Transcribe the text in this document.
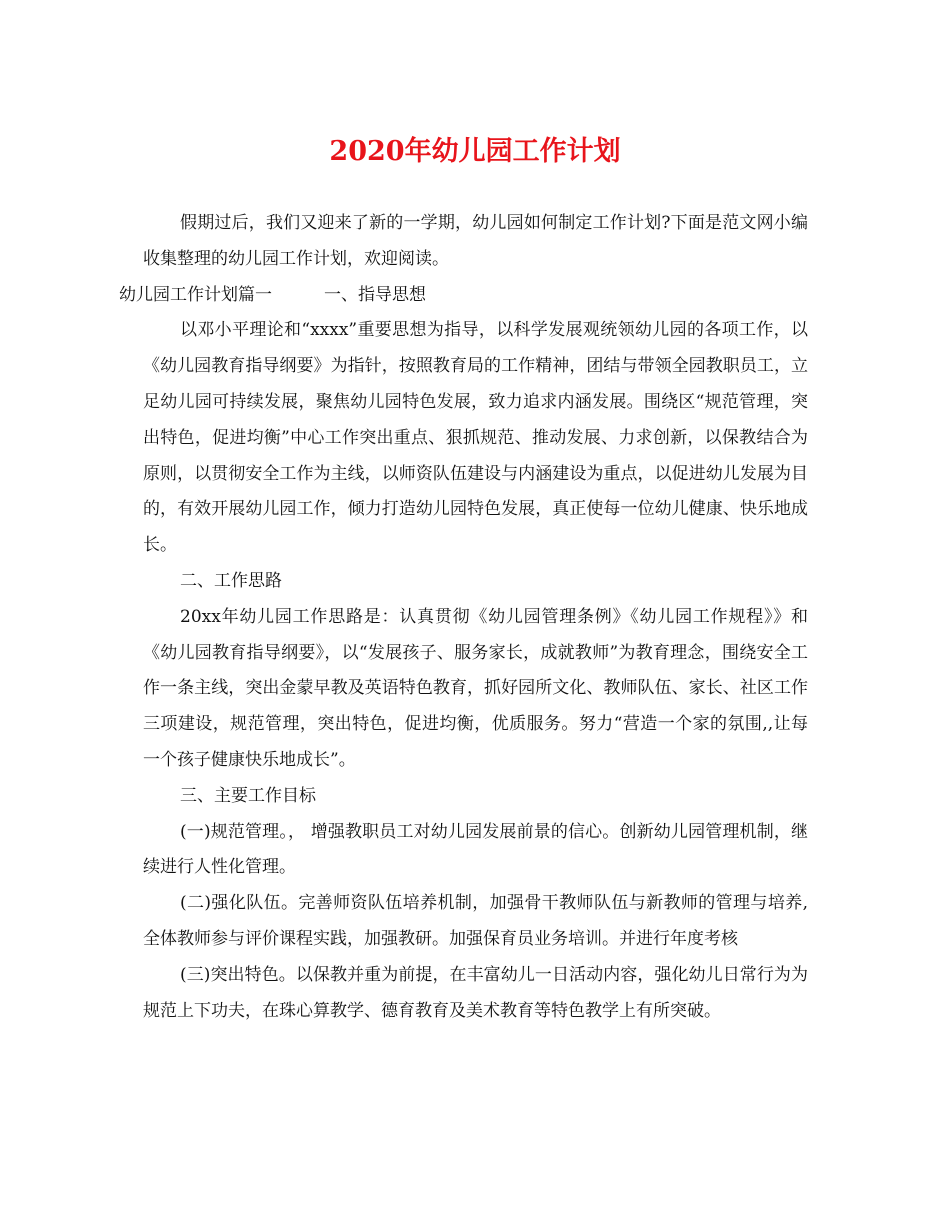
2020年幼儿园工作计划

假期过后，我们又迎来了新的一学期，幼儿园如何制定工作计划?下面是范文网小编收集整理的幼儿园工作计划，欢迎阅读。

幼儿园工作计划篇一	一、指导思想

以邓小平理论和“xxxx”重要思想为指导，以科学发展观统领幼儿园的各项工作，以《幼儿园教育指导纲要》为指针，按照教育局的工作精神，团结与带领全园教职员工，立足幼儿园可持续发展，聚焦幼儿园特色发展，致力追求内涵发展。围绕区“规范管理，突出特色，促进均衡”中心工作突出重点、狠抓规范、推动发展、力求创新，以保教结合为原则，以贯彻安全工作为主线，以师资队伍建设与内涵建设为重点，以促进幼儿发展为目的，有效开展幼儿园工作，倾力打造幼儿园特色发展，真正使每一位幼儿健康、快乐地成长。

二、工作思路

20xx年幼儿园工作思路是：认真贯彻《幼儿园管理条例》《幼儿园工作规程》》和《幼儿园教育指导纲要》，以“发展孩子、服务家长，成就教师”为教育理念，围绕安全工作一条主线，突出金蒙早教及英语特色教育，抓好园所文化、教师队伍、家长、社区工作三项建设，规范管理，突出特色，促进均衡，优质服务。努力“营造一个家的氛围,,让每一个孩子健康快乐地成长”。

三、主要工作目标

(一)规范管理。， 增强教职员工对幼儿园发展前景的信心。创新幼儿园管理机制，继续进行人性化管理。

(二)强化队伍。完善师资队伍培养机制，加强骨干教师队伍与新教师的管理与培养,全体教师参与评价课程实践，加强教研。加强保育员业务培训。并进行年度考核

(三)突出特色。以保教并重为前提，在丰富幼儿一日活动内容，强化幼儿日常行为为规范上下功夫，在珠心算教学、德育教育及美术教育等特色教学上有所突破。
